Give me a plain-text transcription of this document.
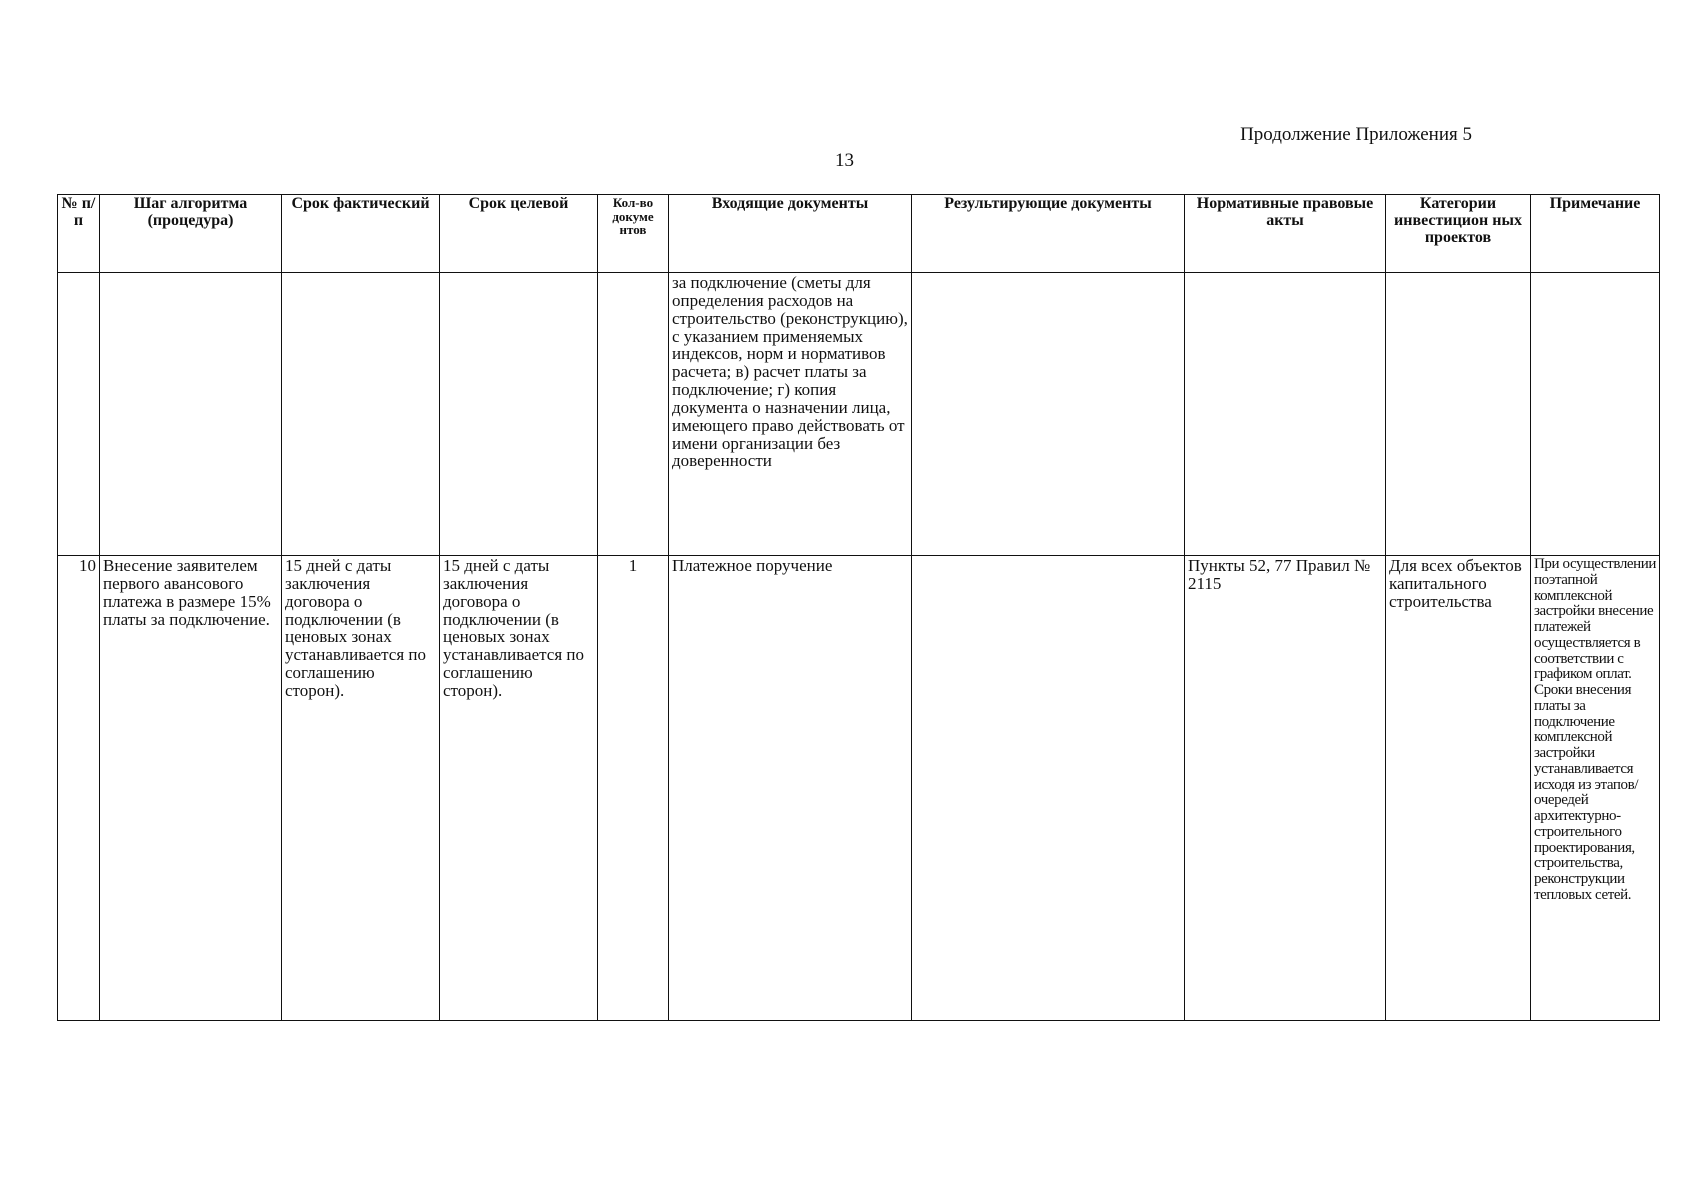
Продолжение Приложения 5
13
№ п/п	Шаг алгоритма (процедура)	Срок фактический	Срок целевой	Кол-во докуме нтов	Входящие документы	Результирующие документы	Нормативные правовые акты	Категории инвестицион ных проектов	Примечание
					за подключение (сметы для определения расходов на строительство (реконструкцию), с указанием применяемых индексов, норм и нормативов расчета; в) расчет платы за подключение; г) копия документа о назначении лица, имеющего право действовать от имени организации без доверенности				
10	Внесение заявителем первого авансового платежа в размере 15% платы за подключение.	15 дней с даты заключения договора о подключении (в ценовых зонах устанавливается по соглашению сторон).	15 дней с даты заключения договора о подключении (в ценовых зонах устанавливается по соглашению сторон).	1	Платежное поручение		Пункты 52, 77 Правил № 2115	Для всех объектов капитального строительства	При осуществлении поэтапной комплексной застройки внесение платежей осуществляется в соответствии с графиком оплат. Сроки внесения платы за подключение комплексной застройки устанавливается исходя из этапов/очередей архитектурно-строительного проектирования, строительства, реконструкции тепловых сетей.
